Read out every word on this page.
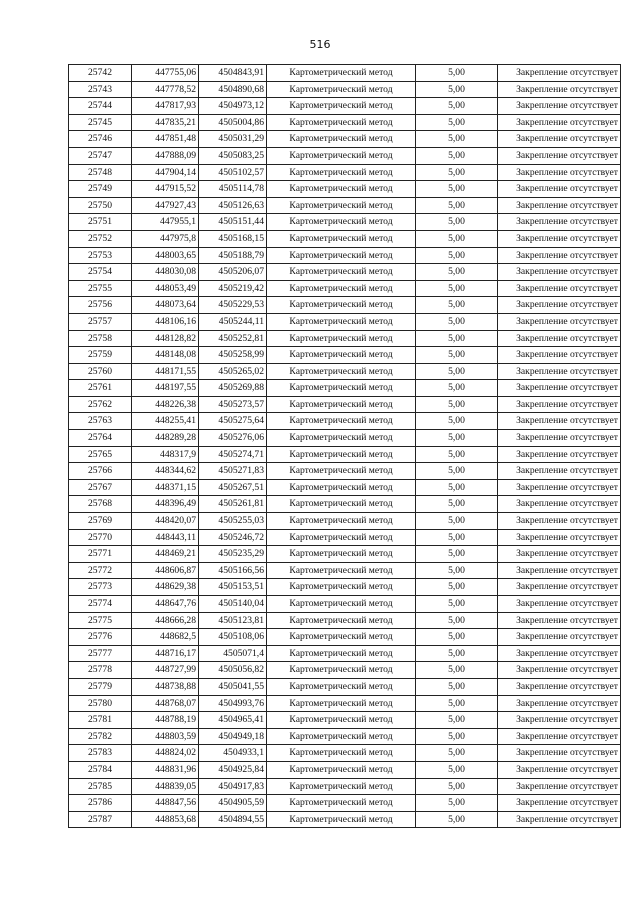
516
25742	447755,06	4504843,91	Картометрический метод	5,00	Закрепление отсутствует
25743	447778,52	4504890,68	Картометрический метод	5,00	Закрепление отсутствует
25744	447817,93	4504973,12	Картометрический метод	5,00	Закрепление отсутствует
25745	447835,21	4505004,86	Картометрический метод	5,00	Закрепление отсутствует
25746	447851,48	4505031,29	Картометрический метод	5,00	Закрепление отсутствует
25747	447888,09	4505083,25	Картометрический метод	5,00	Закрепление отсутствует
25748	447904,14	4505102,57	Картометрический метод	5,00	Закрепление отсутствует
25749	447915,52	4505114,78	Картометрический метод	5,00	Закрепление отсутствует
25750	447927,43	4505126,63	Картометрический метод	5,00	Закрепление отсутствует
25751	447955,1	4505151,44	Картометрический метод	5,00	Закрепление отсутствует
25752	447975,8	4505168,15	Картометрический метод	5,00	Закрепление отсутствует
25753	448003,65	4505188,79	Картометрический метод	5,00	Закрепление отсутствует
25754	448030,08	4505206,07	Картометрический метод	5,00	Закрепление отсутствует
25755	448053,49	4505219,42	Картометрический метод	5,00	Закрепление отсутствует
25756	448073,64	4505229,53	Картометрический метод	5,00	Закрепление отсутствует
25757	448106,16	4505244,11	Картометрический метод	5,00	Закрепление отсутствует
25758	448128,82	4505252,81	Картометрический метод	5,00	Закрепление отсутствует
25759	448148,08	4505258,99	Картометрический метод	5,00	Закрепление отсутствует
25760	448171,55	4505265,02	Картометрический метод	5,00	Закрепление отсутствует
25761	448197,55	4505269,88	Картометрический метод	5,00	Закрепление отсутствует
25762	448226,38	4505273,57	Картометрический метод	5,00	Закрепление отсутствует
25763	448255,41	4505275,64	Картометрический метод	5,00	Закрепление отсутствует
25764	448289,28	4505276,06	Картометрический метод	5,00	Закрепление отсутствует
25765	448317,9	4505274,71	Картометрический метод	5,00	Закрепление отсутствует
25766	448344,62	4505271,83	Картометрический метод	5,00	Закрепление отсутствует
25767	448371,15	4505267,51	Картометрический метод	5,00	Закрепление отсутствует
25768	448396,49	4505261,81	Картометрический метод	5,00	Закрепление отсутствует
25769	448420,07	4505255,03	Картометрический метод	5,00	Закрепление отсутствует
25770	448443,11	4505246,72	Картометрический метод	5,00	Закрепление отсутствует
25771	448469,21	4505235,29	Картометрический метод	5,00	Закрепление отсутствует
25772	448606,87	4505166,56	Картометрический метод	5,00	Закрепление отсутствует
25773	448629,38	4505153,51	Картометрический метод	5,00	Закрепление отсутствует
25774	448647,76	4505140,04	Картометрический метод	5,00	Закрепление отсутствует
25775	448666,28	4505123,81	Картометрический метод	5,00	Закрепление отсутствует
25776	448682,5	4505108,06	Картометрический метод	5,00	Закрепление отсутствует
25777	448716,17	4505071,4	Картометрический метод	5,00	Закрепление отсутствует
25778	448727,99	4505056,82	Картометрический метод	5,00	Закрепление отсутствует
25779	448738,88	4505041,55	Картометрический метод	5,00	Закрепление отсутствует
25780	448768,07	4504993,76	Картометрический метод	5,00	Закрепление отсутствует
25781	448788,19	4504965,41	Картометрический метод	5,00	Закрепление отсутствует
25782	448803,59	4504949,18	Картометрический метод	5,00	Закрепление отсутствует
25783	448824,02	4504933,1	Картометрический метод	5,00	Закрепление отсутствует
25784	448831,96	4504925,84	Картометрический метод	5,00	Закрепление отсутствует
25785	448839,05	4504917,83	Картометрический метод	5,00	Закрепление отсутствует
25786	448847,56	4504905,59	Картометрический метод	5,00	Закрепление отсутствует
25787	448853,68	4504894,55	Картометрический метод	5,00	Закрепление отсутствует
